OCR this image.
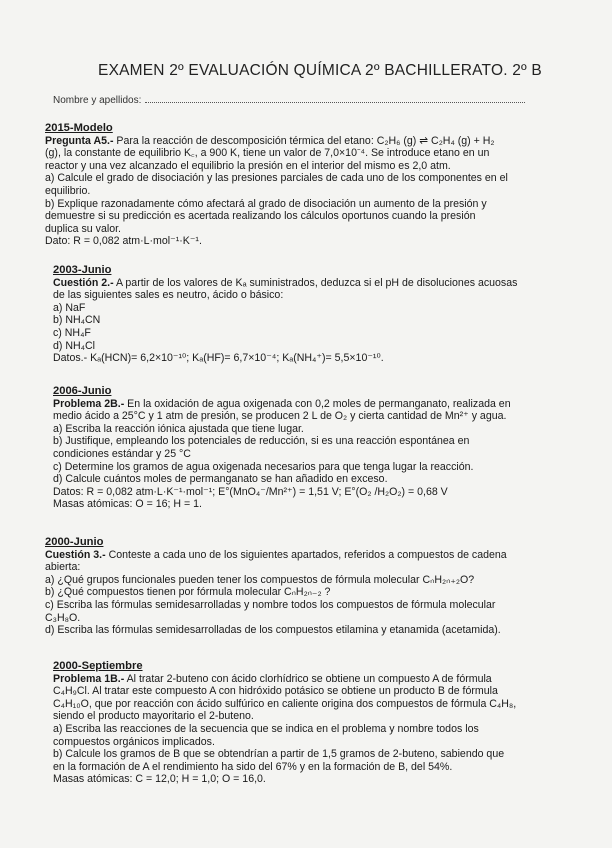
EXAMEN 2º EVALUACIÓN QUÍMICA 2º BACHILLERATO. 2º B
Nombre y apellidos:

2015-Modelo

Pregunta A5.- Para la reacción de descomposición térmica del etano: C₂H₆ (g) ⇌ C₂H₄ (g) + H₂

(g), la constante de equilibrio K꜀, a 900 K, tiene un valor de 7,0×10⁻⁴. Se introduce etano en un

reactor y una vez alcanzado el equilibrio la presión en el interior del mismo es 2,0 atm.

a) Calcule el grado de disociación y las presiones parciales de cada uno de los componentes en el

equilibrio.

b) Explique razonadamente cómo afectará al grado de disociación un aumento de la presión y

demuestre si su predicción es acertada realizando los cálculos oportunos cuando la presión

duplica su valor.

Dato: R = 0,082 atm·L·mol⁻¹·K⁻¹.

2003-Junio

Cuestión 2.- A partir de los valores de Kₐ suministrados, deduzca si el pH de disoluciones acuosas

de las siguientes sales es neutro, ácido o básico:

a) NaF

b) NH₄CN

c) NH₄F

d) NH₄Cl

Datos.- Kₐ(HCN)= 6,2×10⁻¹⁰; Kₐ(HF)= 6,7×10⁻⁴; Kₐ(NH₄⁺)= 5,5×10⁻¹⁰.

2006-Junio

Problema 2B.- En la oxidación de agua oxigenada con 0,2 moles de permanganato, realizada en

medio ácido a 25°C y 1 atm de presión, se producen 2 L de O₂ y cierta cantidad de Mn²⁺ y agua.

a) Escriba la reacción iónica ajustada que tiene lugar.

b) Justifique, empleando los potenciales de reducción, si es una reacción espontánea en

condiciones estándar y 25 °C

c) Determine los gramos de agua oxigenada necesarios para que tenga lugar la reacción.

d) Calcule cuántos moles de permanganato se han añadido en exceso.

Datos: R = 0,082 atm·L·K⁻¹·mol⁻¹; E°(MnO₄⁻/Mn²⁺) = 1,51 V; E°(O₂ /H₂O₂) = 0,68 V

Masas atómicas: O = 16; H = 1.

2000-Junio

Cuestión 3.- Conteste a cada uno de los siguientes apartados, referidos a compuestos de cadena

abierta:

a) ¿Qué grupos funcionales pueden tener los compuestos de fórmula molecular CₙH₂ₙ₊₂O?

b) ¿Qué compuestos tienen por fórmula molecular CₙH₂ₙ₋₂ ?

c) Escriba las fórmulas semidesarrolladas y nombre todos los compuestos de fórmula molecular

C₃H₈O.

d) Escriba las fórmulas semidesarrolladas de los compuestos etilamina y etanamida (acetamida).

2000-Septiembre

Problema 1B.- Al tratar 2-buteno con ácido clorhídrico se obtiene un compuesto A de fórmula

C₄H₉Cl. Al tratar este compuesto A con hidróxido potásico se obtiene un producto B de fórmula

C₄H₁₀O, que por reacción con ácido sulfúrico en caliente origina dos compuestos de fórmula C₄H₈,

siendo el producto mayoritario el 2-buteno.

a) Escriba las reacciones de la secuencia que se indica en el problema y nombre todos los

compuestos orgánicos implicados.

b) Calcule los gramos de B que se obtendrían a partir de 1,5 gramos de 2-buteno, sabiendo que

en la formación de A el rendimiento ha sido del 67% y en la formación de B, del 54%.

Masas atómicas: C = 12,0; H = 1,0; O = 16,0.
